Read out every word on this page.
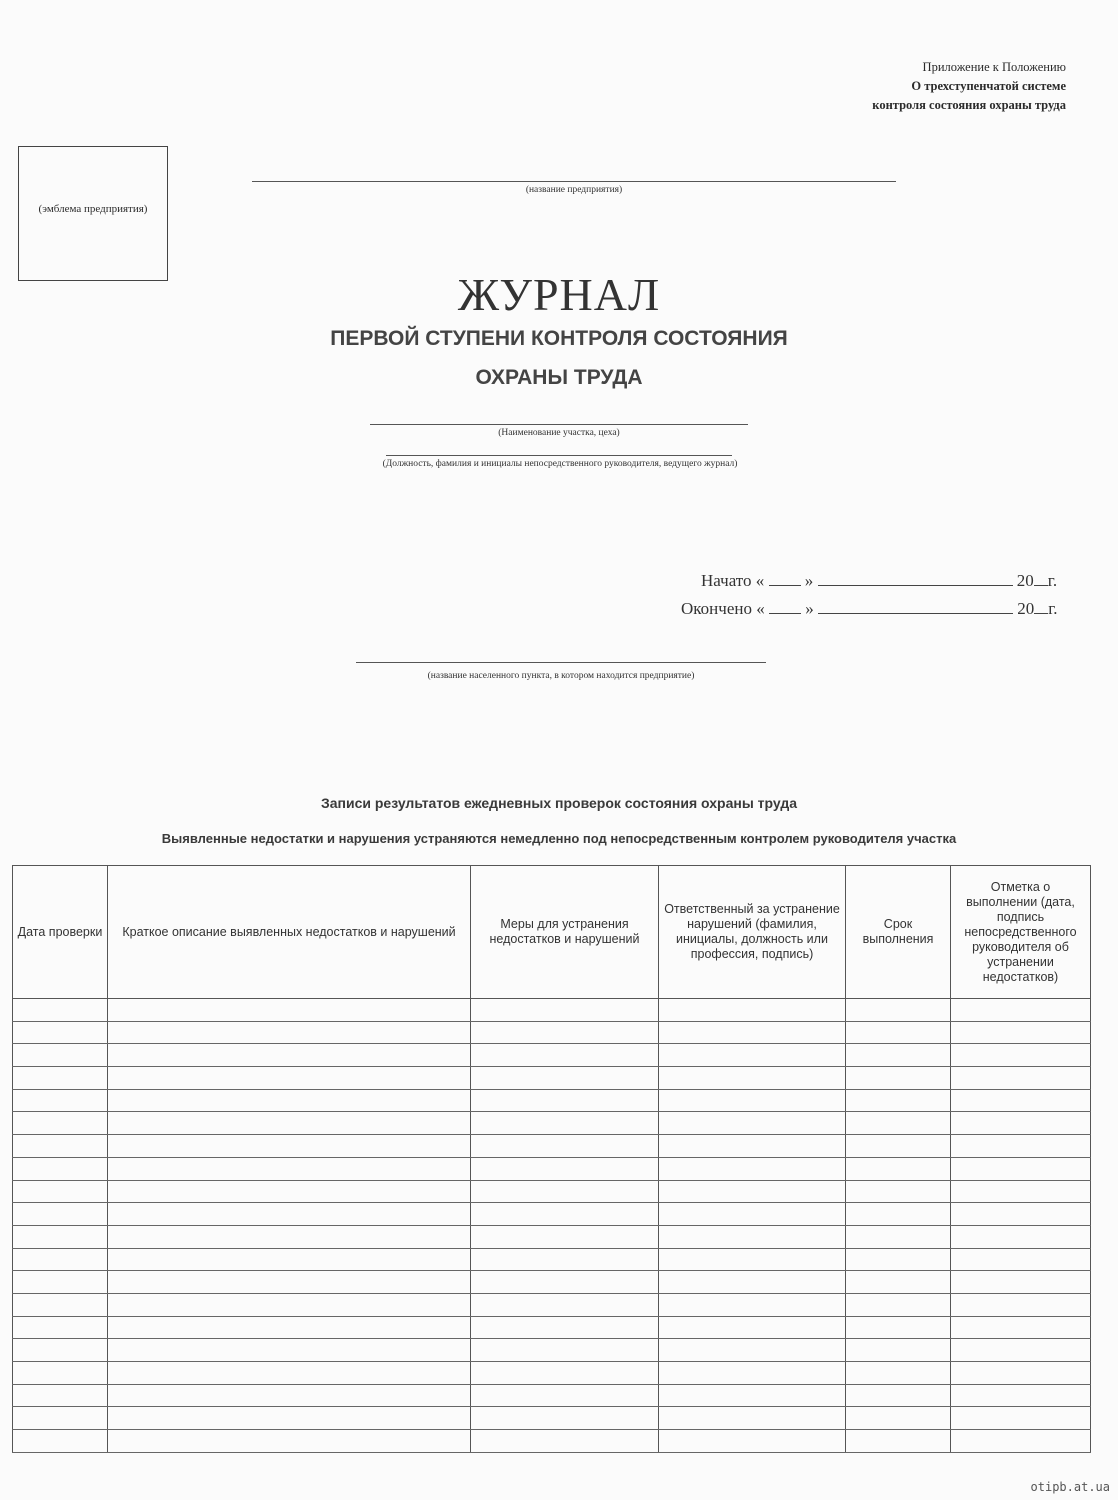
Приложение к Положению
О трехступенчатой системе
контроля состояния охраны труда
(эмблема предприятия)
(название предприятия)
ЖУРНАЛ
ПЕРВОЙ СТУПЕНИ КОНТРОЛЯ СОСТОЯНИЯ
ОХРАНЫ ТРУДА
(Наименование участка, цеха)
(Должность, фамилия и инициалы непосредственного руководителя, ведущего журнал)
Начато « »	20 г.
Окончено « »	20 г.
(название населенного пункта, в котором находится предприятие)
Записи результатов ежедневных проверок состояния охраны труда
Выявленные недостатки и нарушения устраняются немедленно под непосредственным контролем руководителя участка
Дата проверки	Краткое описание выявленных недостатков и нарушений	Меры для устранения недостатков и нарушений	Ответственный за устранение нарушений (фамилия, инициалы, должность или профессия, подпись)	Срок выполнения	Отметка о выполнении (дата, подпись непосредственного руководителя об устранении недостатков)

otipb.at.ua
